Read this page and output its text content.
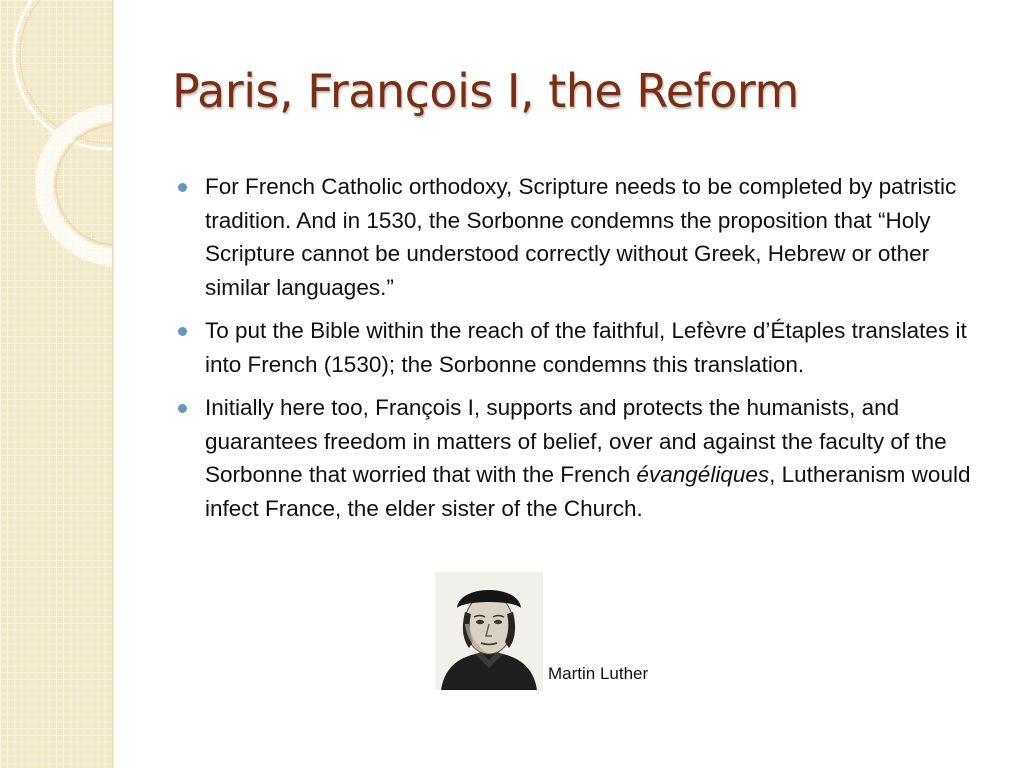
Paris, François I, the Reform
For French Catholic orthodoxy, Scripture needs to be completed by patristic tradition. And in 1530, the Sorbonne condemns the proposition that “Holy Scripture cannot be understood correctly without Greek, Hebrew or other similar languages.”
To put the Bible within the reach of the faithful, Lefèvre d’Étaples translates it into French (1530); the Sorbonne condemns this translation.
Initially here too, François I, supports and protects the humanists, and guarantees freedom in matters of belief, over and against the faculty of the Sorbonne that worried that with the French évangéliques, Lutheranism would infect France, the elder sister of the Church.
Martin Luther
